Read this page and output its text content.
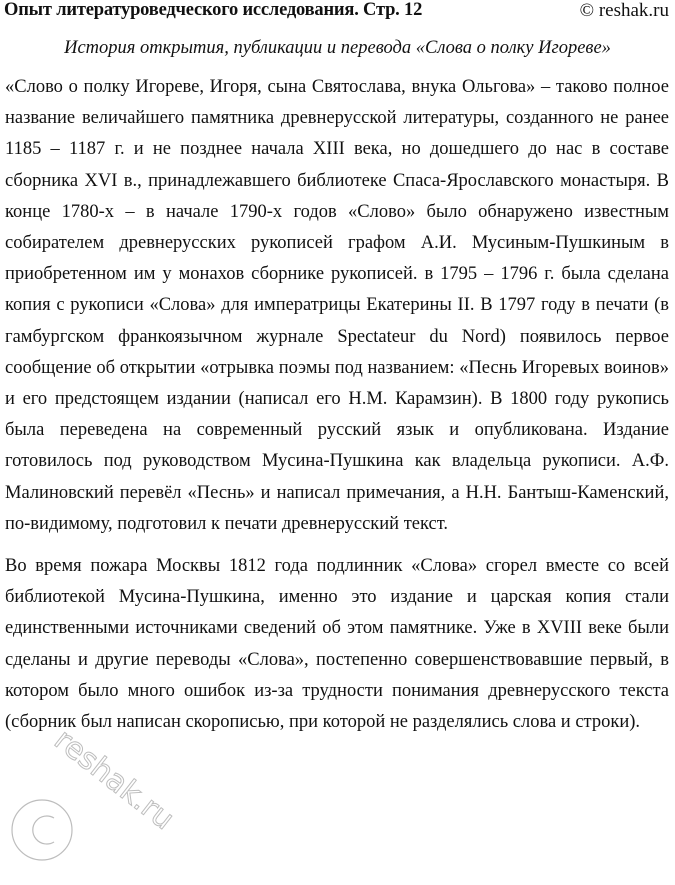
Опыт литературоведческого исследования. Стр. 12	© reshak.ru
История открытия, публикации и перевода «Слова о полку Игореве»

«Слово о полку Игореве, Игоря, сына Святослава, внука Ольгова» – таково полное название величайшего памятника древнерусской литературы, созданного не ранее 1185 – 1187 г. и не позднее начала XIII века, но дошедшего до нас в составе сборника XVI в., принадлежавшего библиотеке Спаса-Ярославского монастыря. В конце 1780-х – в начале 1790-х годов «Слово» было обнаружено известным собирателем древнерусских рукописей графом А.И. Мусиным-Пушкиным в приобретенном им у монахов сборнике рукописей. в 1795 – 1796 г. была сделана копия с рукописи «Слова» для императрицы Екатерины II. В 1797 году в печати (в гамбургском франкоязычном журнале Spectateur du Nord) появилось первое сообщение об открытии «отрывка поэмы под названием: «Песнь Игоревых воинов» и его предстоящем издании (написал его Н.М. Карамзин). В 1800 году рукопись была переведена на современный русский язык и опубликована. Издание готовилось под руководством Мусина-Пушкина как владельца рукописи. А.Ф. Малиновский перевёл «Песнь» и написал примечания, а Н.Н. Бантыш-Каменский, по-видимому, подготовил к печати древнерусский текст.

Во время пожара Москвы 1812 года подлинник «Слова» сгорел вместе со всей библиотекой Мусина-Пушкина, именно это издание и царская копия стали единственными источниками сведений об этом памятнике. Уже в XVIII веке были сделаны и другие переводы «Слова», постепенно совершенствовавшие первый, в котором было много ошибок из-за трудности понимания древнерусского текста (сборник был написан скорописью, при которой не разделялись слова и строки).

reshak.ru
